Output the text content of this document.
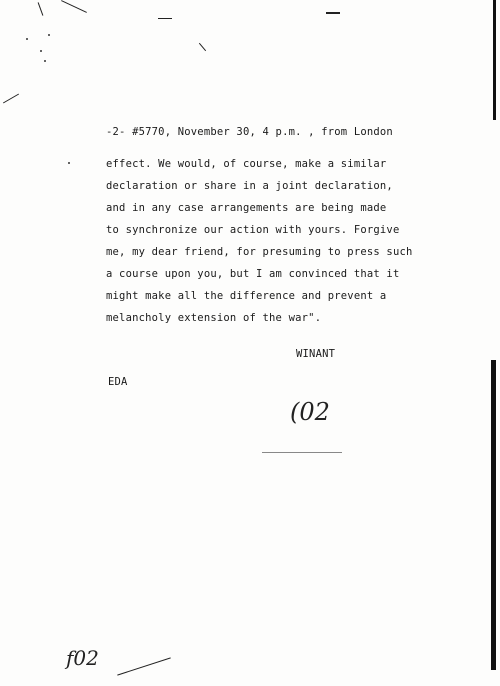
-2- #5770, November 30, 4 p.m. , from London
effect. We would, of course, make a similar
declaration or share in a joint declaration,
and in any case arrangements are being made
to synchronize our action with yours. Forgive
me, my dear friend, for presuming to press such
a course upon you, but I am convinced that it
might make all the difference and prevent a
melancholy extension of the war".
WINANT
EDA
(02
f02
